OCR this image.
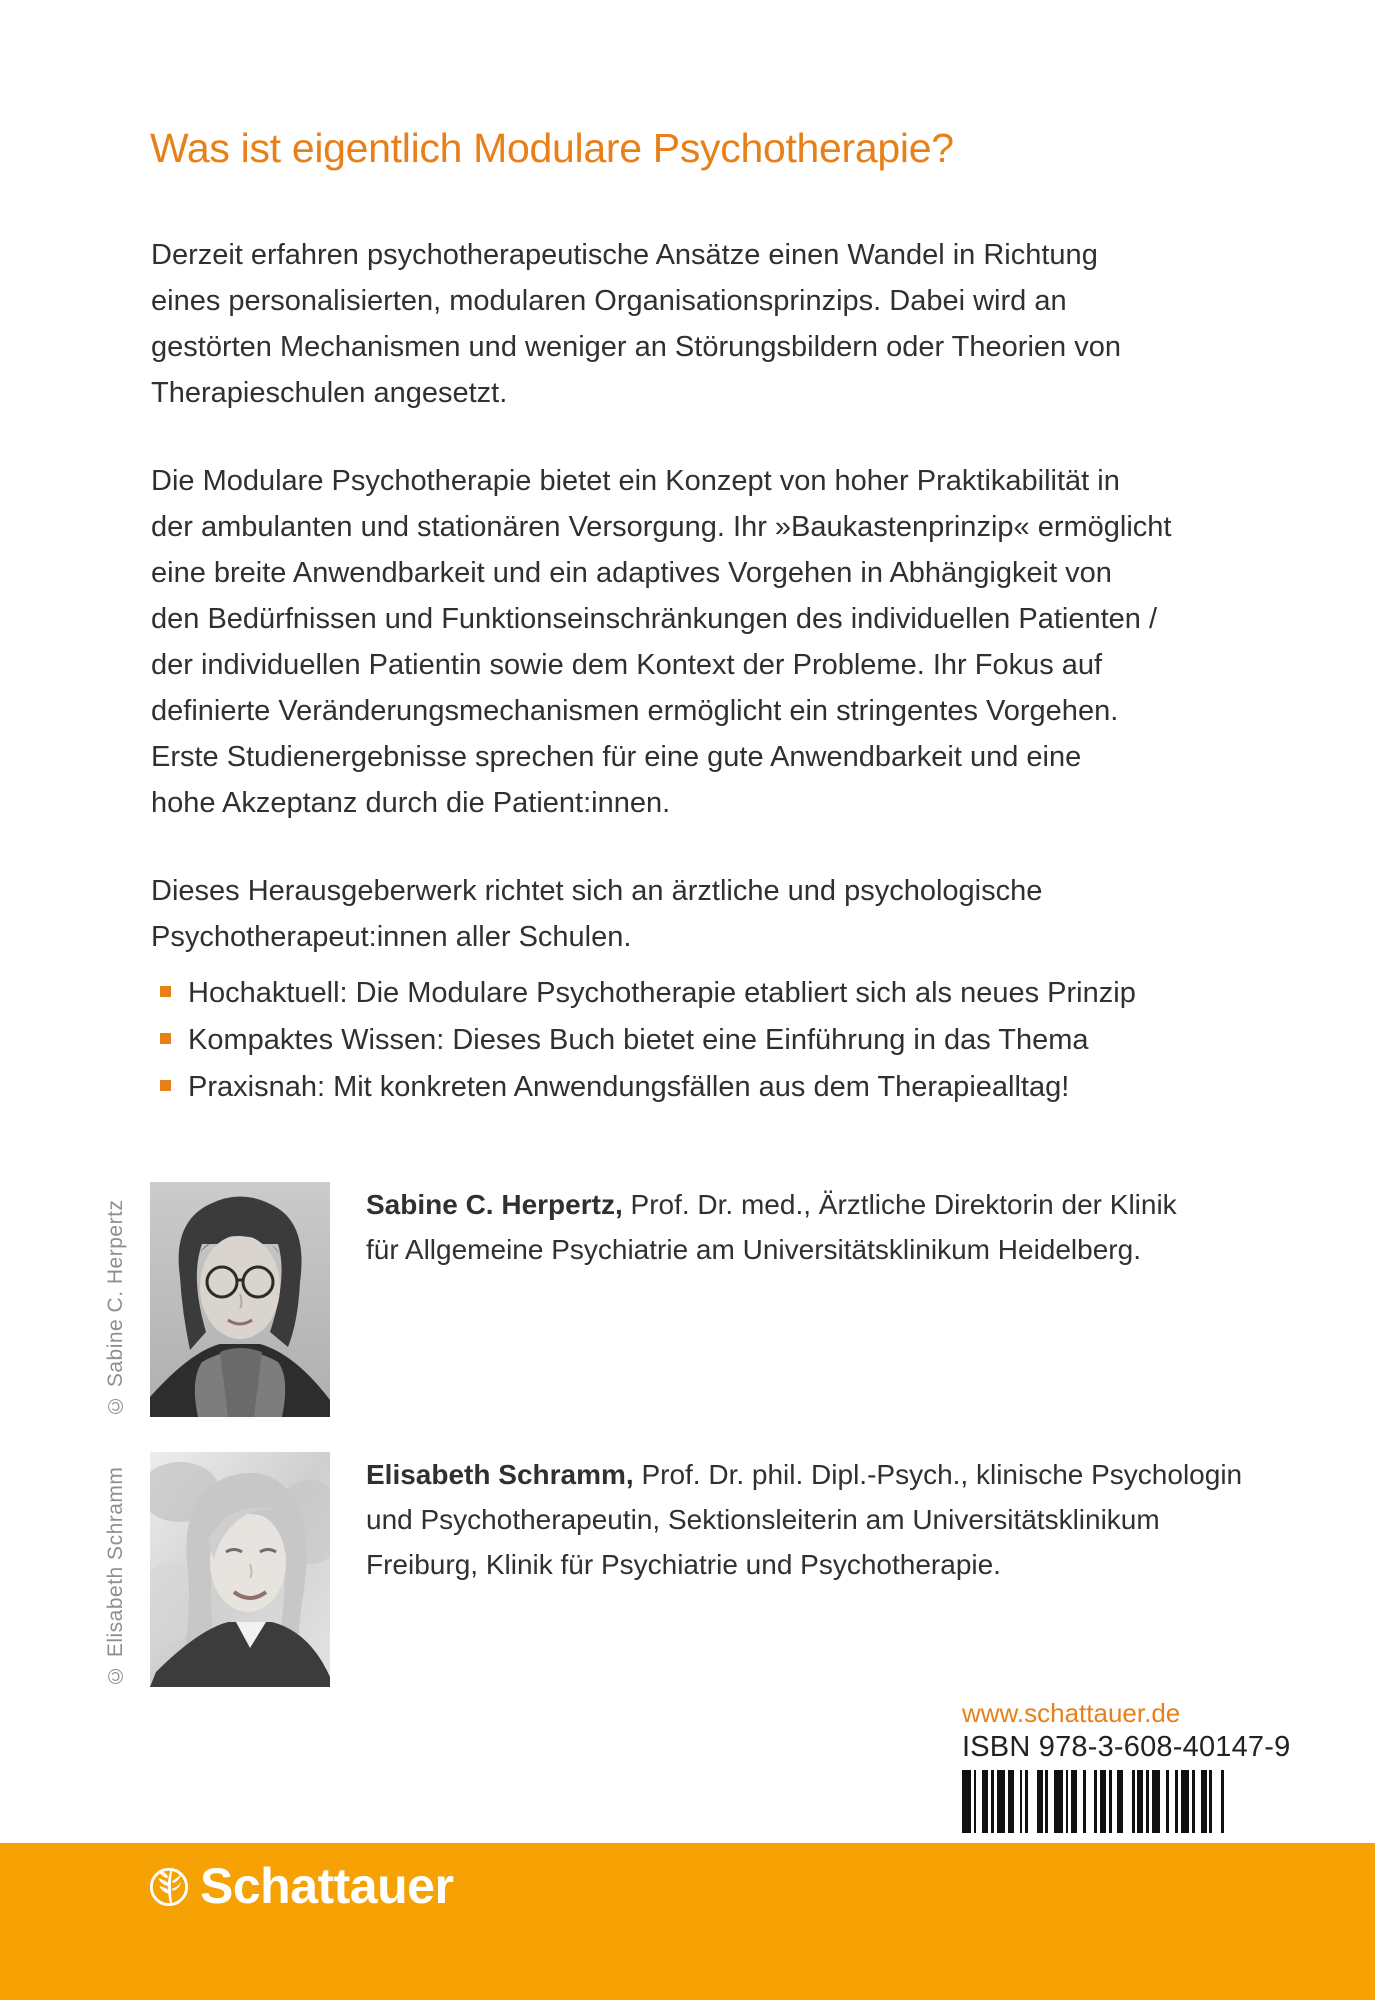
Was ist eigentlich Modulare Psychotherapie?
Derzeit erfahren psychotherapeutische Ansätze einen Wandel in Richtung
eines personalisierten, modularen Organisationsprinzips. Dabei wird an
gestörten Mechanismen und weniger an Störungsbildern oder Theorien von
Therapieschulen angesetzt.
Die Modulare Psychotherapie bietet ein Konzept von hoher Praktikabilität in
der ambulanten und stationären Versorgung. Ihr »Baukastenprinzip« ermöglicht
eine breite Anwendbarkeit und ein adaptives Vorgehen in Abhängigkeit von
den Bedürfnissen und Funktionseinschränkungen des individuellen Patienten /
der individuellen Patientin sowie dem Kontext der Probleme. Ihr Fokus auf
definierte Veränderungsmechanismen ermöglicht ein stringentes Vorgehen.
Erste Studienergebnisse sprechen für eine gute Anwendbarkeit und eine
hohe Akzeptanz durch die Patient:innen.
Dieses Herausgeberwerk richtet sich an ärztliche und psychologische
Psychotherapeut:innen aller Schulen.
Hochaktuell: Die Modulare Psychotherapie etabliert sich als neues Prinzip
Kompaktes Wissen: Dieses Buch bietet eine Einführung in das Thema
Praxisnah: Mit konkreten Anwendungsfällen aus dem Therapiealltag!
© Sabine C. Herpertz	Sabine C. Herpertz, Prof. Dr. med., Ärztliche Direktorin der Klinik
für Allgemeine Psychiatrie am Universitätsklinikum Heidelberg.
© Elisabeth Schramm	Elisabeth Schramm, Prof. Dr. phil. Dipl.-Psych., klinische Psychologin
und Psychotherapeutin, Sektionsleiterin am Universitätsklinikum
Freiburg, Klinik für Psychiatrie und Psychotherapie.
www.schattauer.de
ISBN 978-3-608-40147-9
Schattauer
